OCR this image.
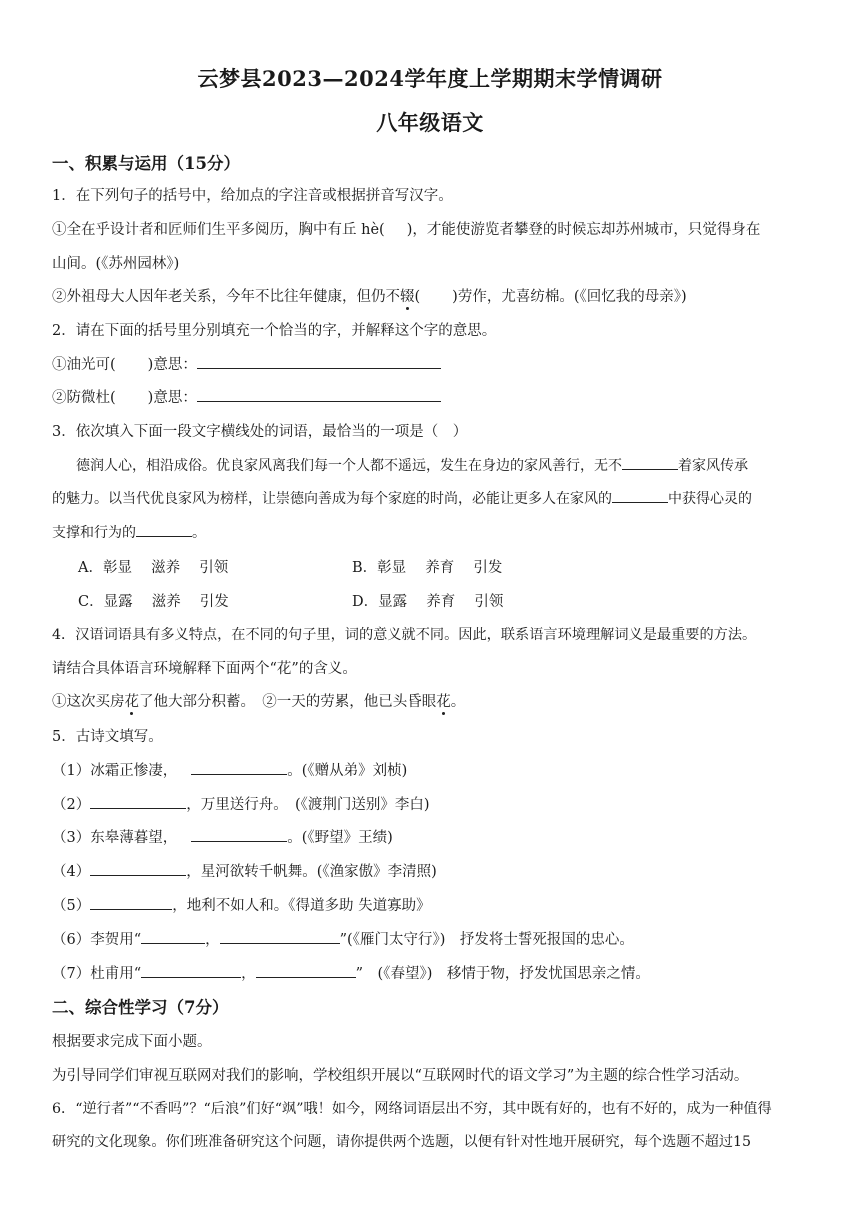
云梦县2023—2024学年度上学期期末学情调研
八年级语文
一、积累与运用（15分）
1．在下列句子的括号中，给加点的字注音或根据拼音写汉字。
①全在乎设计者和匠师们生平多阅历，胸中有丘 hè( )，才能使游览者攀登的时候忘却苏州城市，只觉得身在
山间。(《苏州园林》)
②外祖母大人因年老关系，今年不比往年健康，但仍不辍( )劳作，尤喜纺棉。(《回忆我的母亲》)
2．请在下面的括号里分别填充一个恰当的字，并解释这个字的意思。
①油光可( )意思：
②防微杜( )意思：
3．依次填入下面一段文字横线处的词语，最恰当的一项是（　）
德润人心，相沿成俗。优良家风离我们每一个人都不遥远，发生在身边的家风善行，无不	着家风传承
的魅力。以当代优良家风为榜样，让崇德向善成为每个家庭的时尚，必能让更多人在家风的	中获得心灵的
支撑和行为的	。
A．彰显　 滋养　 引领	B．彰显　 养育　 引发
C．显露　 滋养　 引发	D．显露　 养育　 引领
4．汉语词语具有多义特点，在不同的句子里，词的意义就不同。因此，联系语言环境理解词义是最重要的方法。
请结合具体语言环境解释下面两个“花”的含义。
①这次买房花了他大部分积蓄。　②一天的劳累，他已头昏眼花。
5．古诗文填写。
（1）冰霜正惨凄，	。(《赠从弟》刘桢)
（2）	，万里送行舟。　(《渡荆门送别》李白)
（3）东皋薄暮望，	。(《野望》王绩)
（4）	，星河欲转千帆舞。(《渔家傲》李清照)
（5）	，地利不如人和。《得道多助 失道寡助》
（6）李贺用“	，	”(《雁门太守行》)　抒发将士誓死报国的忠心。
（7）杜甫用“	，	”　(《春望》)　移情于物，抒发忧国思亲之情。
二、综合性学习（7分）
根据要求完成下面小题。
为引导同学们审视互联网对我们的影响，学校组织开展以“互联网时代的语文学习”为主题的综合性学习活动。
6．“逆行者”“不香吗”？“后浪”们好“飒”哦！如今，网络词语层出不穷，其中既有好的，也有不好的，成为一种值得
研究的文化现象。你们班准备研究这个问题，请你提供两个选题，以便有针对性地开展研究，每个选题不超过15
